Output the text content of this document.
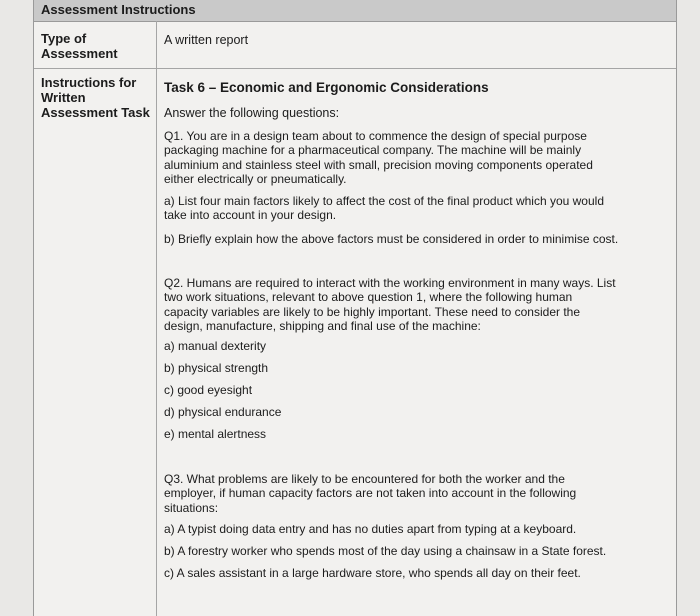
Assessment Instructions
Type of
Assessment
A written report
Instructions for
Written
Assessment Task
Task 6 – Economic and Ergonomic Considerations
Answer the following questions:
Q1. You are in a design team about to commence the design of special purpose
packaging machine for a pharmaceutical company. The machine will be mainly
aluminium and stainless steel with small, precision moving components operated
either electrically or pneumatically.
a) List four main factors likely to affect the cost of the final product which you would
take into account in your design.
b) Briefly explain how the above factors must be considered in order to minimise cost.
Q2. Humans are required to interact with the working environment in many ways. List
two work situations, relevant to above question 1, where the following human
capacity variables are likely to be highly important. These need to consider the
design, manufacture, shipping and final use of the machine:
a) manual dexterity
b) physical strength
c) good eyesight
d) physical endurance
e) mental alertness
Q3. What problems are likely to be encountered for both the worker and the
employer, if human capacity factors are not taken into account in the following
situations:
a) A typist doing data entry and has no duties apart from typing at a keyboard.
b) A forestry worker who spends most of the day using a chainsaw in a State forest.
c) A sales assistant in a large hardware store, who spends all day on their feet.
